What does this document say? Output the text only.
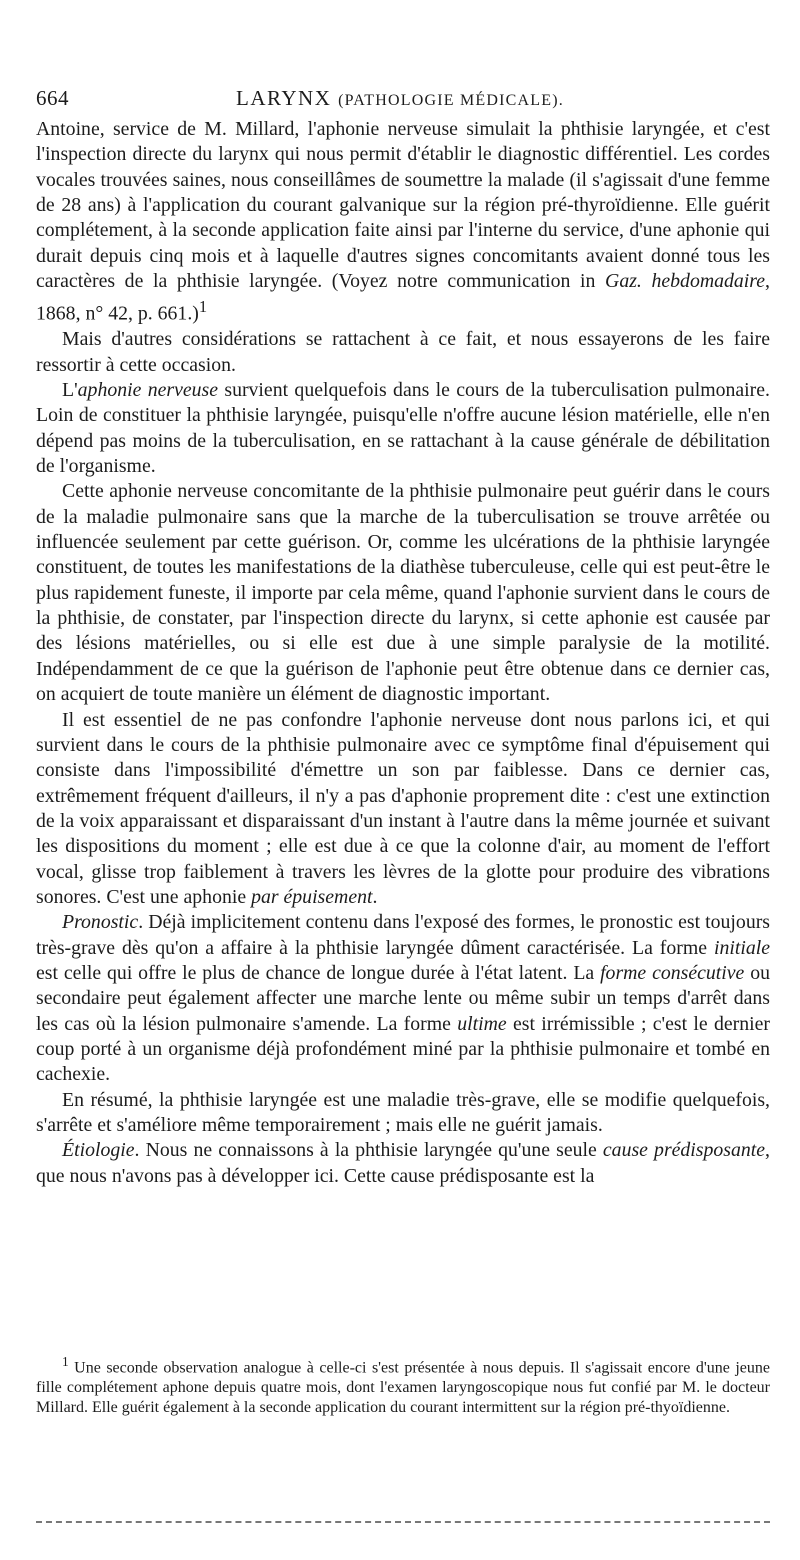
664	LARYNX (PATHOLOGIE MÉDICALE).

Antoine, service de M. Millard, l'aphonie nerveuse simulait la phthisie laryngée, et c'est l'inspection directe du larynx qui nous permit d'établir le diagnostic différentiel. Les cordes vocales trouvées saines, nous conseillâmes de soumettre la malade (il s'agissait d'une femme de 28 ans) à l'application du courant galvanique sur la région pré-thyroïdienne. Elle guérit complétement, à la seconde application faite ainsi par l'interne du service, d'une aphonie qui durait depuis cinq mois et à laquelle d'autres signes concomitants avaient donné tous les caractères de la phthisie laryngée. (Voyez notre communication in Gaz. hebdomadaire, 1868, n° 42, p. 661.)$^1$

Mais d'autres considérations se rattachent à ce fait, et nous essayerons de les faire ressortir à cette occasion.

L'aphonie nerveuse survient quelquefois dans le cours de la tuberculisation pulmonaire. Loin de constituer la phthisie laryngée, puisqu'elle n'offre aucune lésion matérielle, elle n'en dépend pas moins de la tuberculisation, en se rattachant à la cause générale de débilitation de l'organisme.

Cette aphonie nerveuse concomitante de la phthisie pulmonaire peut guérir dans le cours de la maladie pulmonaire sans que la marche de la tuberculisation se trouve arrêtée ou influencée seulement par cette guérison. Or, comme les ulcérations de la phthisie laryngée constituent, de toutes les manifestations de la diathèse tuberculeuse, celle qui est peut-être le plus rapidement funeste, il importe par cela même, quand l'aphonie survient dans le cours de la phthisie, de constater, par l'inspection directe du larynx, si cette aphonie est causée par des lésions matérielles, ou si elle est due à une simple paralysie de la motilité. Indépendamment de ce que la guérison de l'aphonie peut être obtenue dans ce dernier cas, on acquiert de toute manière un élément de diagnostic important.

Il est essentiel de ne pas confondre l'aphonie nerveuse dont nous parlons ici, et qui survient dans le cours de la phthisie pulmonaire avec ce symptôme final d'épuisement qui consiste dans l'impossibilité d'émettre un son par faiblesse. Dans ce dernier cas, extrêmement fréquent d'ailleurs, il n'y a pas d'aphonie proprement dite : c'est une extinction de la voix apparaissant et disparaissant d'un instant à l'autre dans la même journée et suivant les dispositions du moment ; elle est due à ce que la colonne d'air, au moment de l'effort vocal, glisse trop faiblement à travers les lèvres de la glotte pour produire des vibrations sonores. C'est une aphonie par épuisement.

Pronostic. Déjà implicitement contenu dans l'exposé des formes, le pronostic est toujours très-grave dès qu'on a affaire à la phthisie laryngée dûment caractérisée. La forme initiale est celle qui offre le plus de chance de longue durée à l'état latent. La forme consécutive ou secondaire peut également affecter une marche lente ou même subir un temps d'arrêt dans les cas où la lésion pulmonaire s'amende. La forme ultime est irrémissible ; c'est le dernier coup porté à un organisme déjà profondément miné par la phthisie pulmonaire et tombé en cachexie.

En résumé, la phthisie laryngée est une maladie très-grave, elle se modifie quelquefois, s'arrête et s'améliore même temporairement ; mais elle ne guérit jamais.

Étiologie. Nous ne connaissons à la phthisie laryngée qu'une seule cause prédisposante, que nous n'avons pas à développer ici. Cette cause prédisposante est la

$^1$ Une seconde observation analogue à celle-ci s'est présentée à nous depuis. Il s'agissait encore d'une jeune fille complétement aphone depuis quatre mois, dont l'examen laryngoscopique nous fut confié par M. le docteur Millard. Elle guérit également à la seconde application du courant intermittent sur la région pré-thyoïdienne.
